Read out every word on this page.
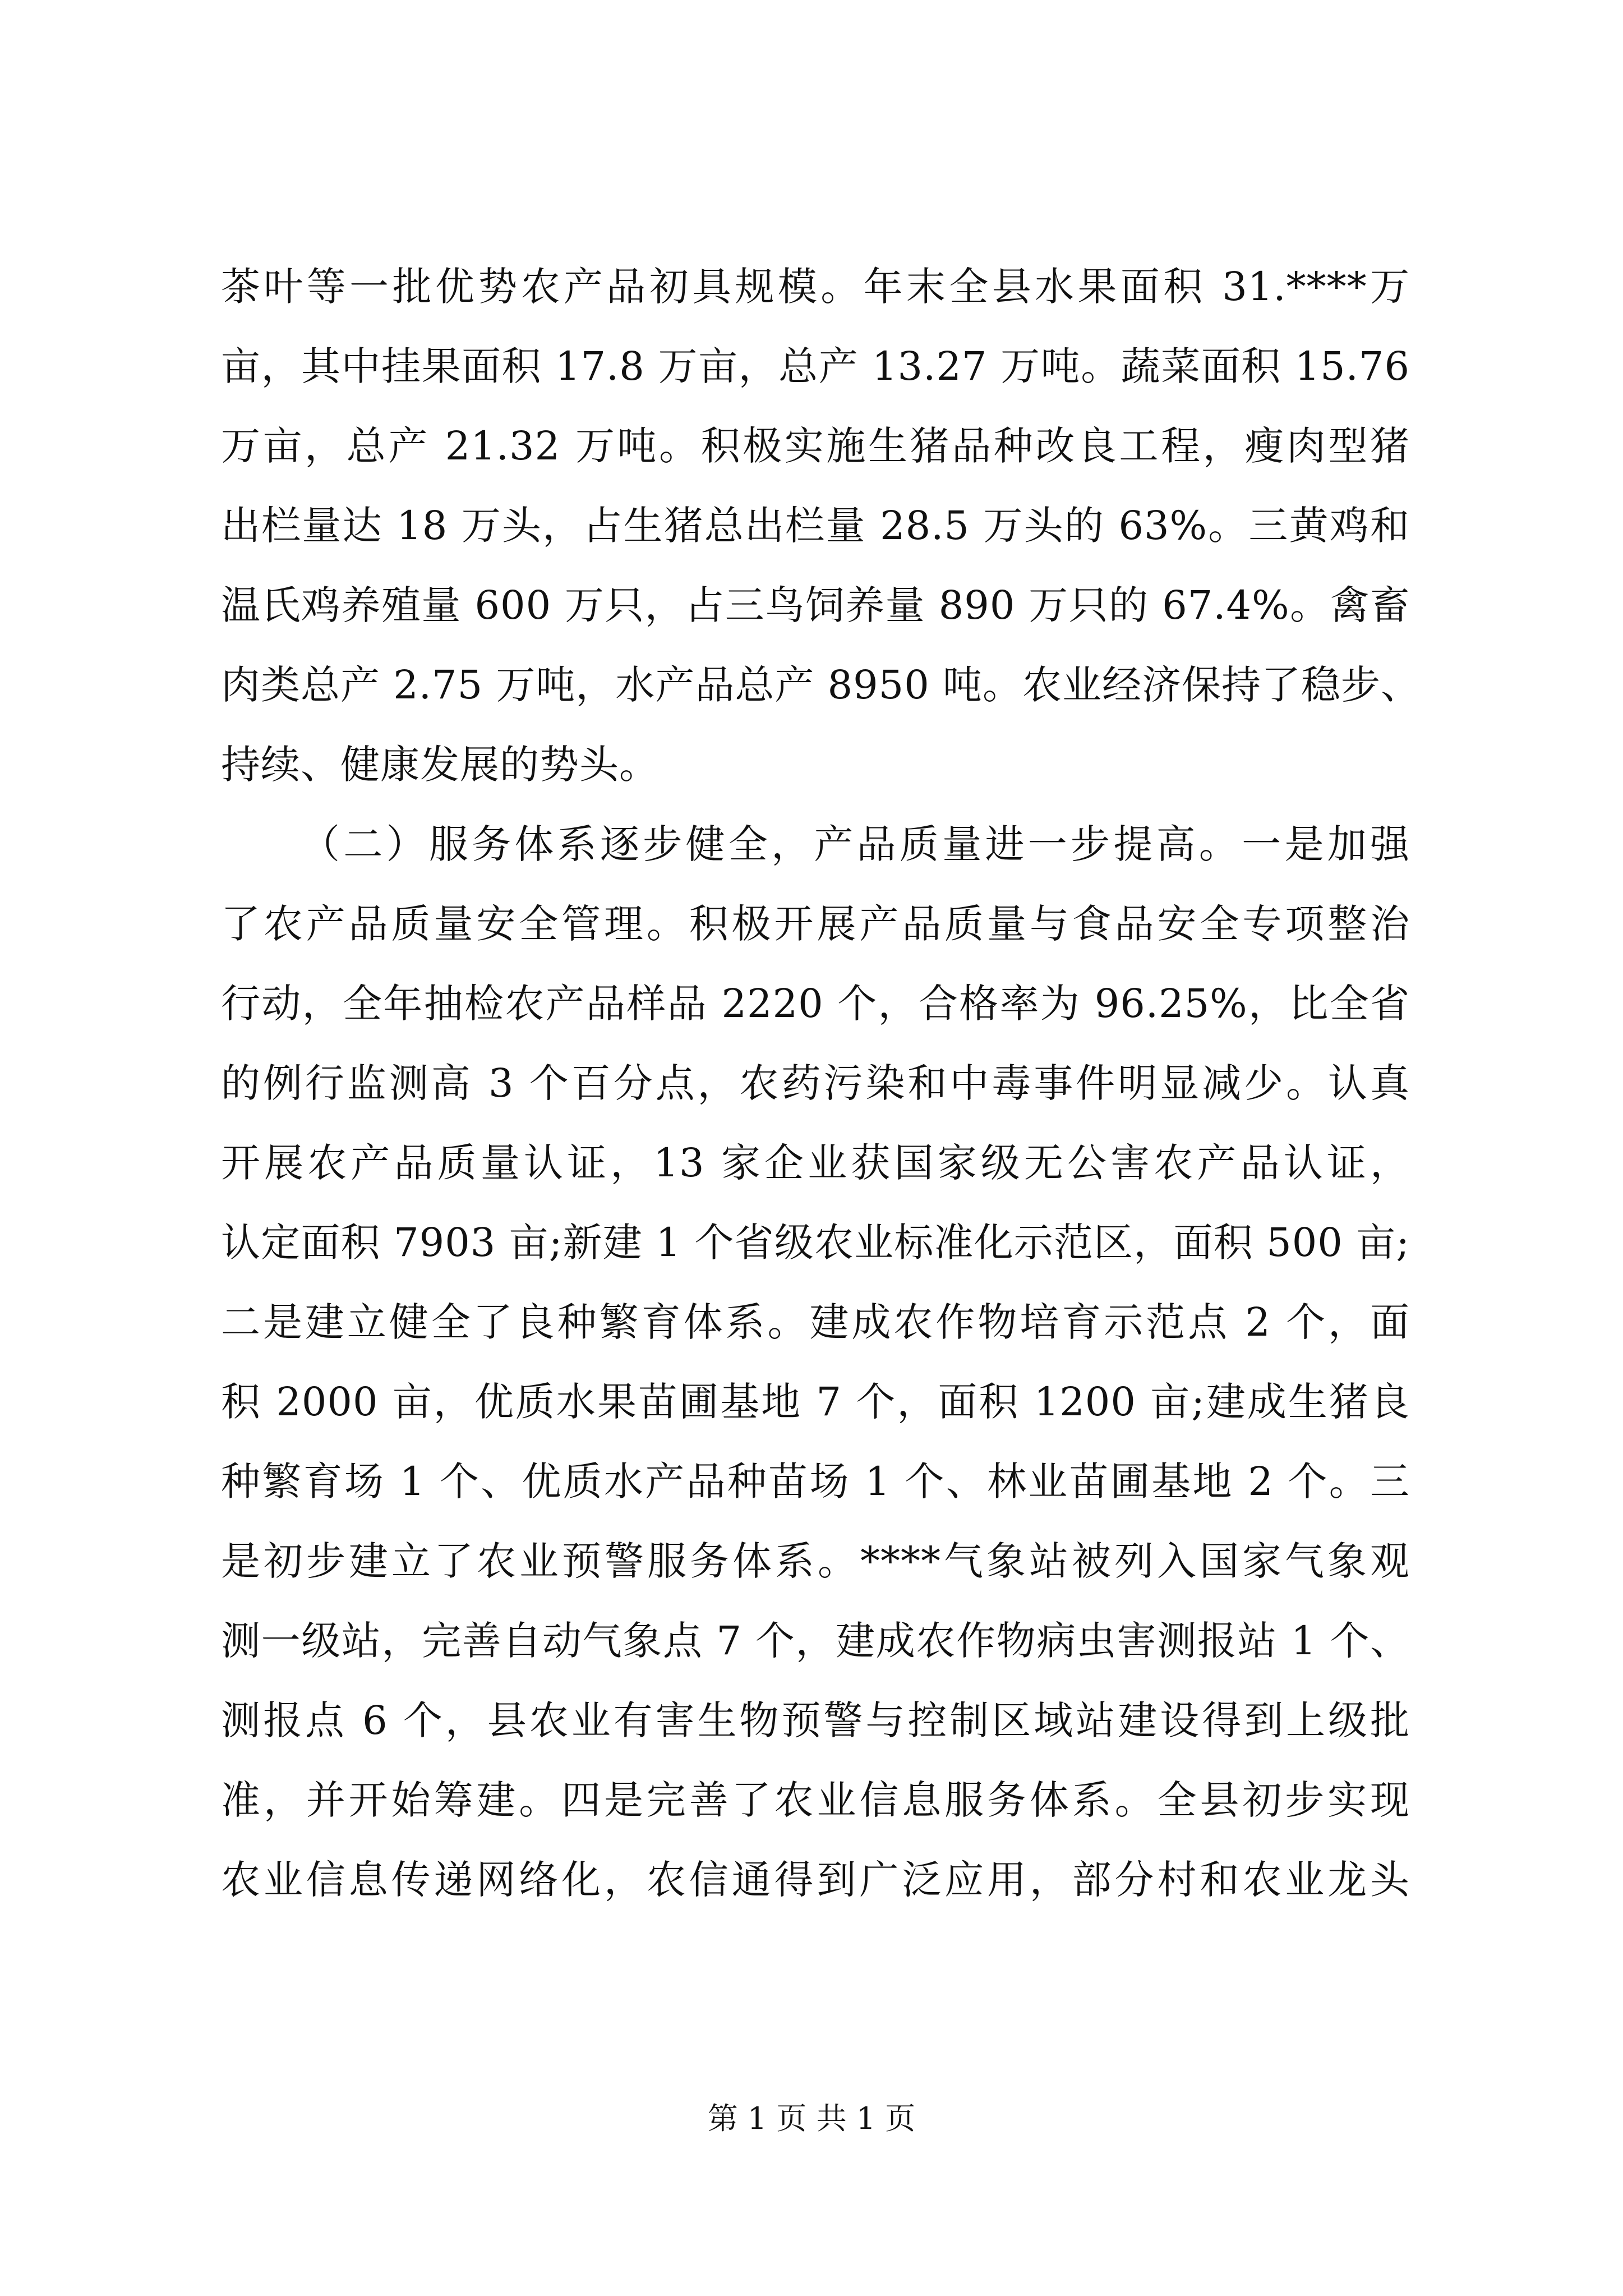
茶叶等一批优势农产品初具规模。年末全县水果面积 31.****万
亩，其中挂果面积 17.8 万亩，总产 13.27 万吨。蔬菜面积 15.76
万亩，总产 21.32 万吨。积极实施生猪品种改良工程，瘦肉型猪
出栏量达 18 万头，占生猪总出栏量 28.5 万头的 63%。三黄鸡和
温氏鸡养殖量 600 万只，占三鸟饲养量 890 万只的 67.4%。禽畜
肉类总产 2.75 万吨，水产品总产 8950 吨。农业经济保持了稳步、
持续、健康发展的势头。
（二）服务体系逐步健全，产品质量进一步提高。一是加强
了农产品质量安全管理。积极开展产品质量与食品安全专项整治
行动，全年抽检农产品样品 2220 个，合格率为 96.25%，比全省
的例行监测高 3 个百分点，农药污染和中毒事件明显减少。认真
开展农产品质量认证，13 家企业获国家级无公害农产品认证，
认定面积 7903 亩;新建 1 个省级农业标准化示范区，面积 500 亩;
二是建立健全了良种繁育体系。建成农作物培育示范点 2 个，面
积 2000 亩，优质水果苗圃基地 7 个，面积 1200 亩;建成生猪良
种繁育场 1 个、优质水产品种苗场 1 个、林业苗圃基地 2 个。三
是初步建立了农业预警服务体系。****气象站被列入国家气象观
测一级站，完善自动气象点 7 个，建成农作物病虫害测报站 1 个、
测报点 6 个，县农业有害生物预警与控制区域站建设得到上级批
准，并开始筹建。四是完善了农业信息服务体系。全县初步实现
农业信息传递网络化，农信通得到广泛应用，部分村和农业龙头
第 1 页 共 1 页
